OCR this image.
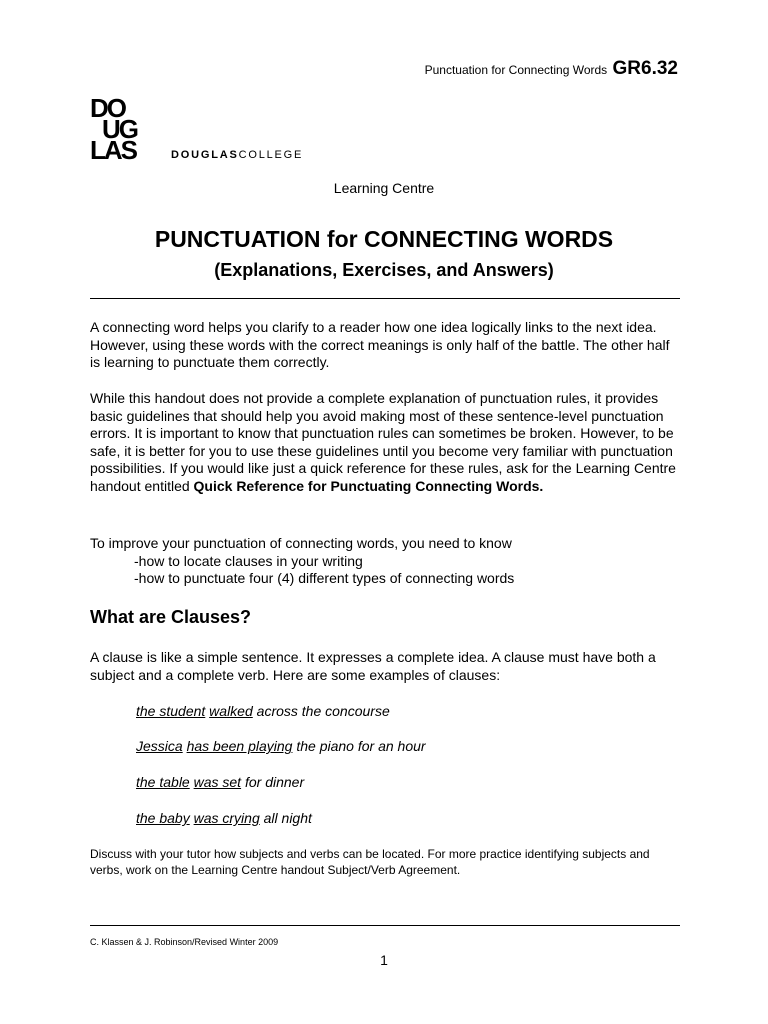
Punctuation for Connecting Words GR6.32
DO
UG
LAS	DOUGLASCOLLEGE
Learning Centre
PUNCTUATION for CONNECTING WORDS
(Explanations, Exercises, and Answers)
A connecting word helps you clarify to a reader how one idea logically links to the next idea. However, using these words with the correct meanings is only half of the battle. The other half is learning to punctuate them correctly.
While this handout does not provide a complete explanation of punctuation rules, it provides basic guidelines that should help you avoid making most of these sentence-level punctuation errors. It is important to know that punctuation rules can sometimes be broken. However, to be safe, it is better for you to use these guidelines until you become very familiar with punctuation possibilities. If you would like just a quick reference for these rules, ask for the Learning Centre handout entitled Quick Reference for Punctuating Connecting Words.
To improve your punctuation of connecting words, you need to know
-how to locate clauses in your writing
-how to punctuate four (4) different types of connecting words
What are Clauses?
A clause is like a simple sentence. It expresses a complete idea. A clause must have both a subject and a complete verb. Here are some examples of clauses:
the student walked across the concourse
Jessica has been playing the piano for an hour
the table was set for dinner
the baby was crying all night
Discuss with your tutor how subjects and verbs can be located. For more practice identifying subjects and verbs, work on the Learning Centre handout Subject/Verb Agreement.
C. Klassen & J. Robinson/Revised Winter 2009
1
